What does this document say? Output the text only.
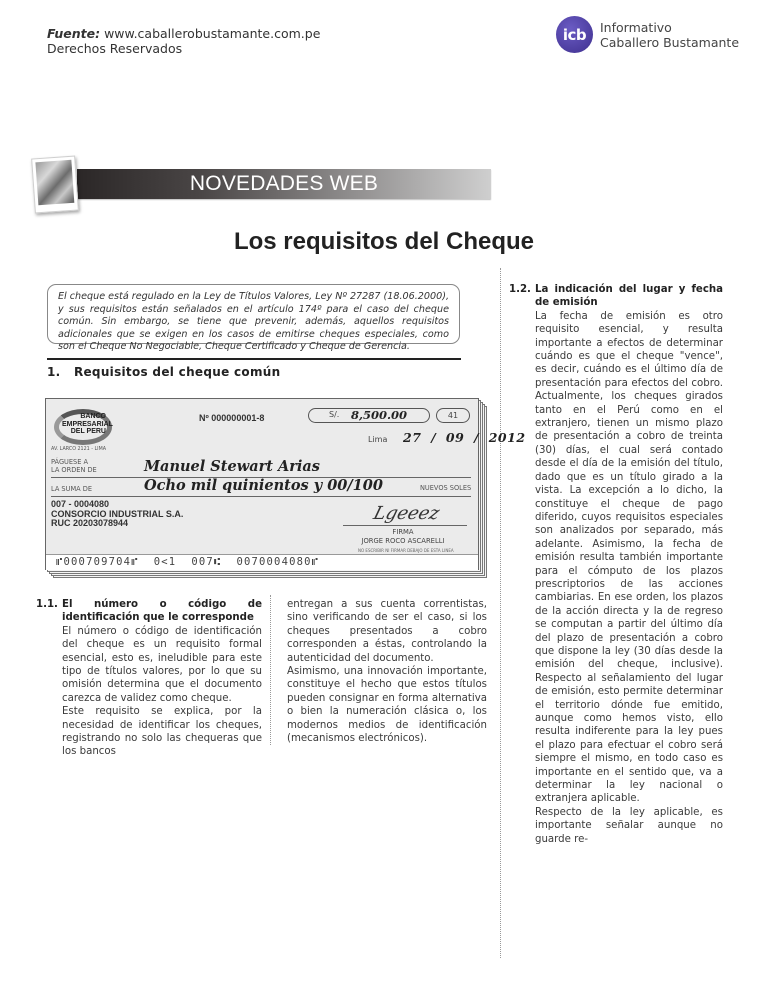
Fuente: www.caballerobustamante.com.pe
Derechos Reservados
icb	Informativo
Caballero Bustamante
NOVEDADES WEB
Los requisitos del Cheque
El cheque está regulado en la Ley de Títulos Valores, Ley Nº 27287 (18.06.2000), y sus requisitos están señalados en el artículo 174º para el caso del cheque común. Sin embargo, se tiene que prevenir, además, aquellos requisitos adicionales que se exigen en los casos de emitirse cheques especiales, como son el Cheque No Negociable, Cheque Certificado y Cheque de Gerencia.
1. Requisitos del cheque común
BANCO EMPRESARIAL DEL PERU
AV. LARCO 2121 - LIMA
Nº 000000001-8	S/. 8,500.00	41
Lima 27  /  09  /  2012
PÁGUESE A
LA ORDEN DE	Manuel Stewart Arias
LA SUMA DE	Ocho mil quinientos y 00/100	NUEVOS SOLES
007 - 0004080
CONSORCIO INDUSTRIAL S.A.
RUC 20203078944	Lgeeez
FIRMA
JORGE ROCO ASCARELLI
NO ESCRIBIR NI FIRMAR DEBAJO DE ESTA LINEA
⑈000709704⑈  0<1  007⑆  0070004080⑈
1.1. El número o código de identificación que le corresponde

El número o código de identificación del cheque es un requisito formal esencial, esto es, ineludible para este tipo de títulos valores, por lo que su omisión determina que el documento carezca de validez como cheque.

Este requisito se explica, por la necesidad de identificar los cheques, registrando no solo las chequeras que los bancos

entregan a sus cuenta correntistas, sino verificando de ser el caso, si los cheques presentados a cobro corresponden a éstas, controlando la autenticidad del documento.

Asimismo, una innovación importante, constituye el hecho que estos títulos pueden consignar en forma alternativa o bien la numeración clásica o, los modernos medios de identificación (mecanismos electrónicos).

1.2. La indicación del lugar y fecha de emisión

La fecha de emisión es otro requisito esencial, y resulta importante a efectos de determinar cuándo es que el cheque "vence", es decir, cuándo es el último día de presentación para efectos del cobro. Actualmente, los cheques girados tanto en el Perú como en el extranjero, tienen un mismo plazo de presentación a cobro de treinta (30) días, el cual será contado desde el día de la emisión del título, dado que es un título girado a la vista. La excepción a lo dicho, la constituye el cheque de pago diferido, cuyos requisitos especiales son analizados por separado, más adelante. Asimismo, la fecha de emisión resulta también importante para el cómputo de los plazos prescriptorios de las acciones cambiarias. En ese orden, los plazos de la acción directa y la de regreso se computan a partir del último día del plazo de presentación a cobro que dispone la ley (30 días desde la emisión del cheque, inclusive). Respecto al señalamiento del lugar de emisión, esto permite determinar el territorio dónde fue emitido, aunque como hemos visto, ello resulta indiferente para la ley pues el plazo para efectuar el cobro será siempre el mismo, en todo caso es importante en el sentido que, va a determinar la ley nacional o extranjera aplicable.

Respecto de la ley aplicable, es importante señalar aunque no guarde re-
